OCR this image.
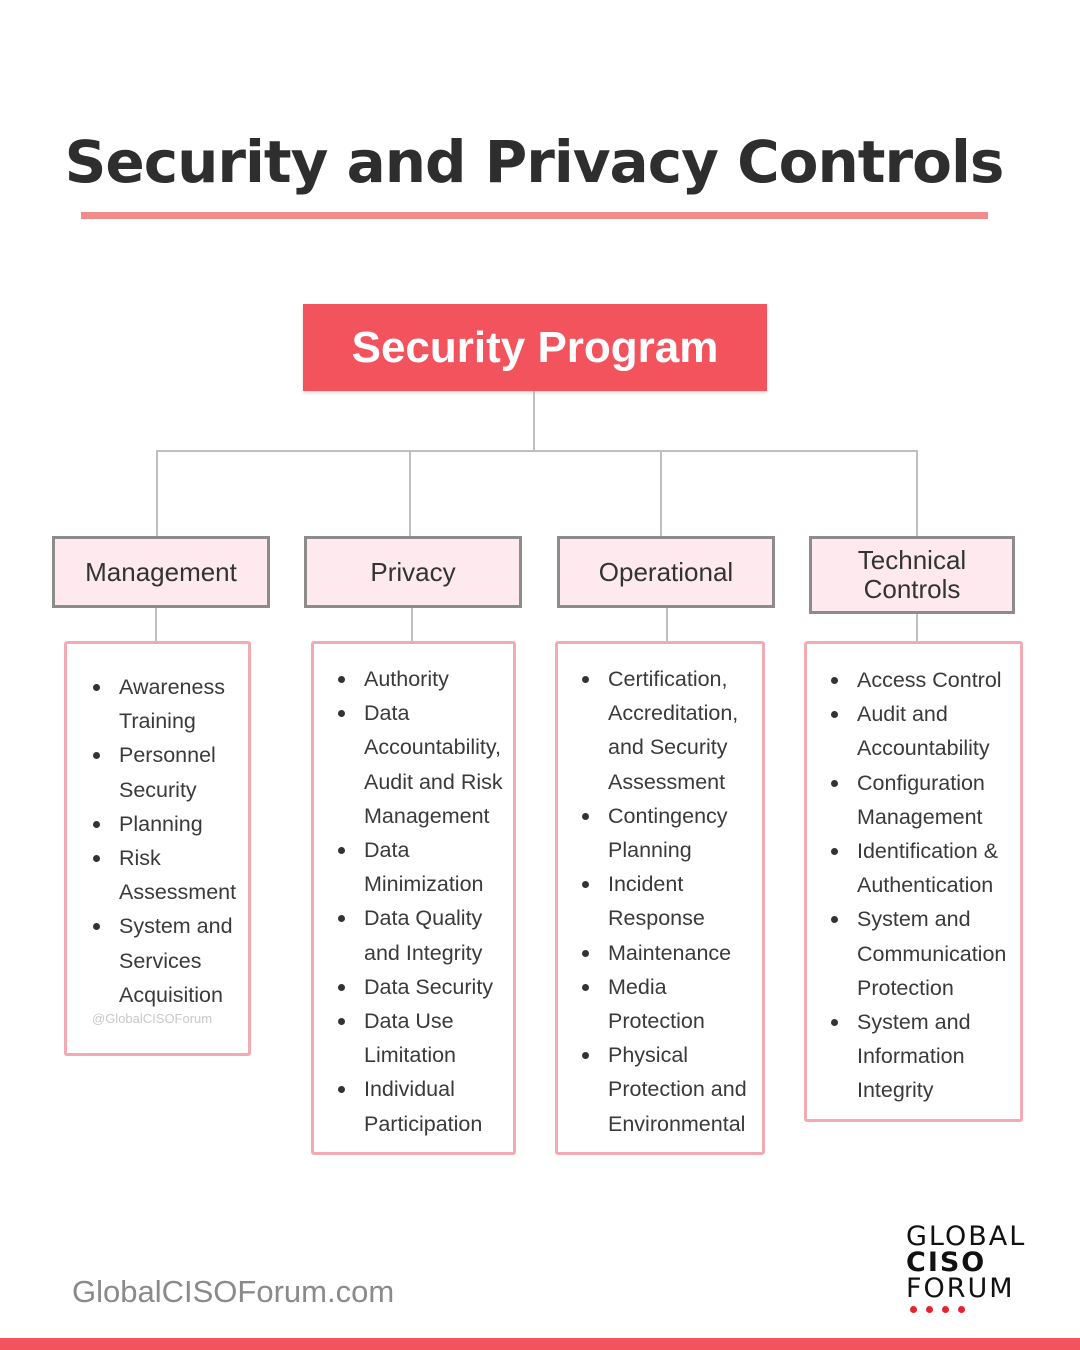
Security and Privacy Controls
Security Program
Management	Privacy	Operational	Technical Controls
Awareness Training
Personnel Security
Planning
Risk Assessment
System and Services Acquisition
Authority
Data Accountability, Audit and Risk Management
Data Minimization
Data Quality and Integrity
Data Security
Data Use Limitation
Individual Participation
Certification, Accreditation, and Security Assessment
Contingency Planning
Incident Response
Maintenance
Media Protection
Physical Protection and Environmental
Access Control
Audit and Accountability
Configuration Management
Identification & Authentication
System and Communication Protection
System and Information Integrity
@GlobalCISOForum
GlobalCISOForum.com
GLOBAL
CISO
FORUM
